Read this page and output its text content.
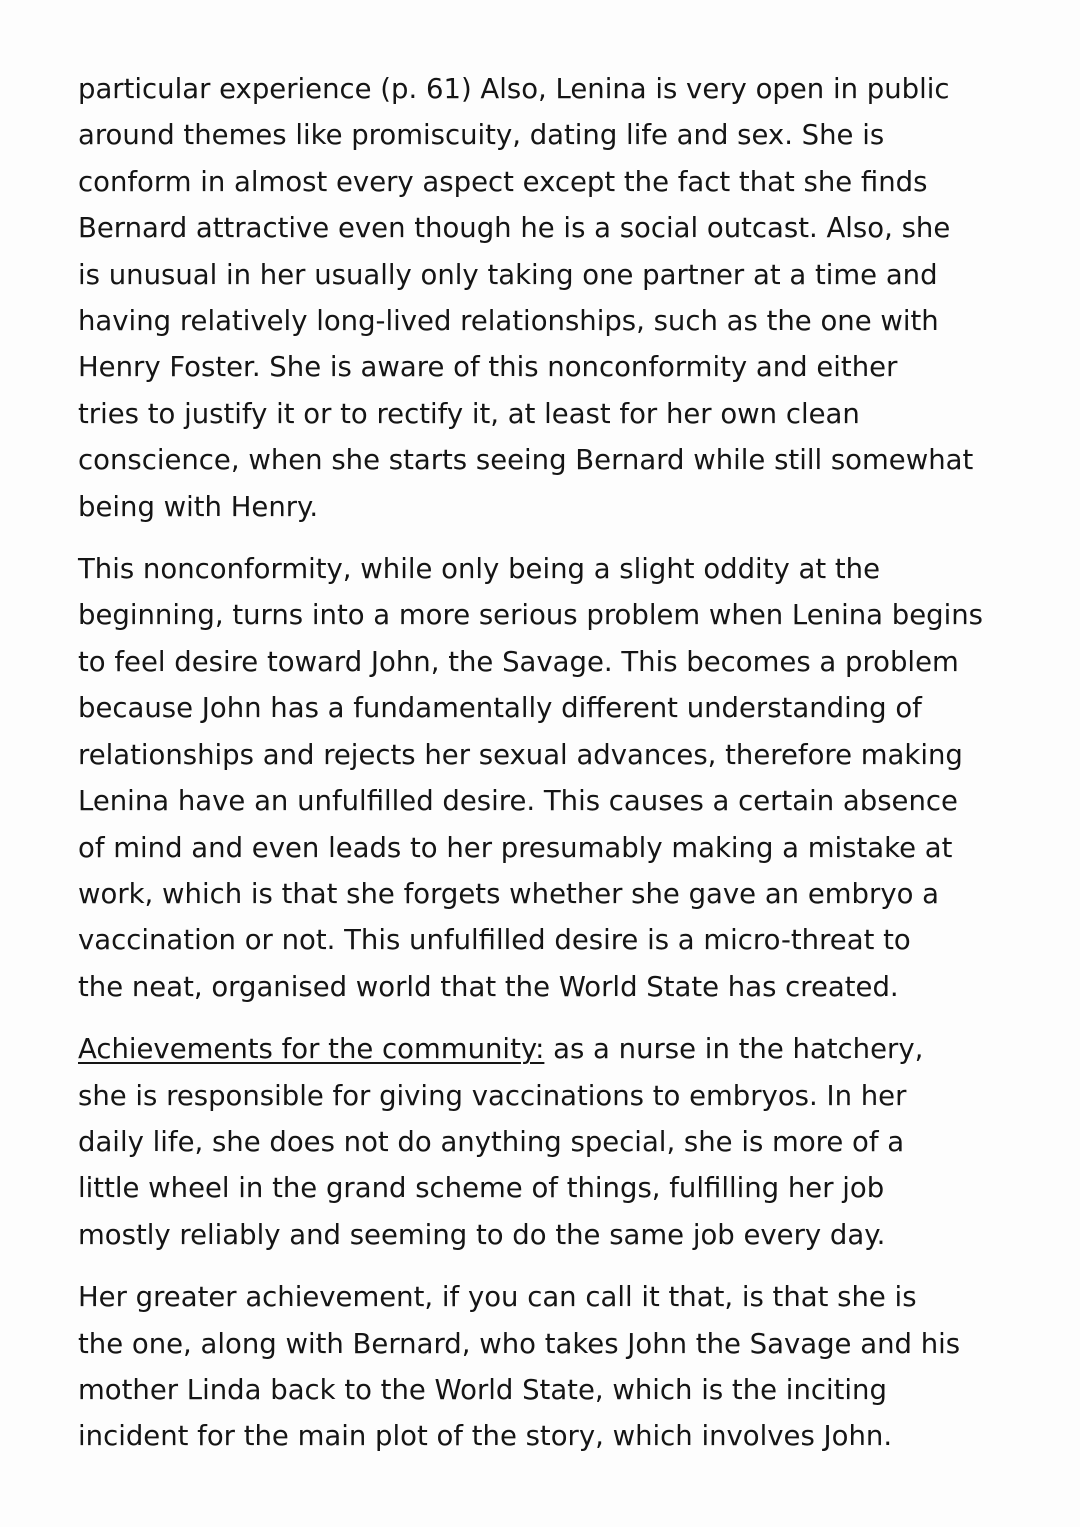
particular experience (p. 61) Also, Lenina is very open in public
around themes like promiscuity, dating life and sex. She is
conform in almost every aspect except the fact that she finds
Bernard attractive even though he is a social outcast. Also, she
is unusual in her usually only taking one partner at a time and
having relatively long-lived relationships, such as the one with
Henry Foster. She is aware of this nonconformity and either
tries to justify it or to rectify it, at least for her own clean
conscience, when she starts seeing Bernard while still somewhat
being with Henry.
This nonconformity, while only being a slight oddity at the
beginning, turns into a more serious problem when Lenina begins
to feel desire toward John, the Savage. This becomes a problem
because John has a fundamentally different understanding of
relationships and rejects her sexual advances, therefore making
Lenina have an unfulfilled desire. This causes a certain absence
of mind and even leads to her presumably making a mistake at
work, which is that she forgets whether she gave an embryo a
vaccination or not. This unfulfilled desire is a micro-threat to
the neat, organised world that the World State has created.
Achievements for the community: as a nurse in the hatchery,
she is responsible for giving vaccinations to embryos. In her
daily life, she does not do anything special, she is more of a
little wheel in the grand scheme of things, fulfilling her job
mostly reliably and seeming to do the same job every day.
Her greater achievement, if you can call it that, is that she is
the one, along with Bernard, who takes John the Savage and his
mother Linda back to the World State, which is the inciting
incident for the main plot of the story, which involves John.
